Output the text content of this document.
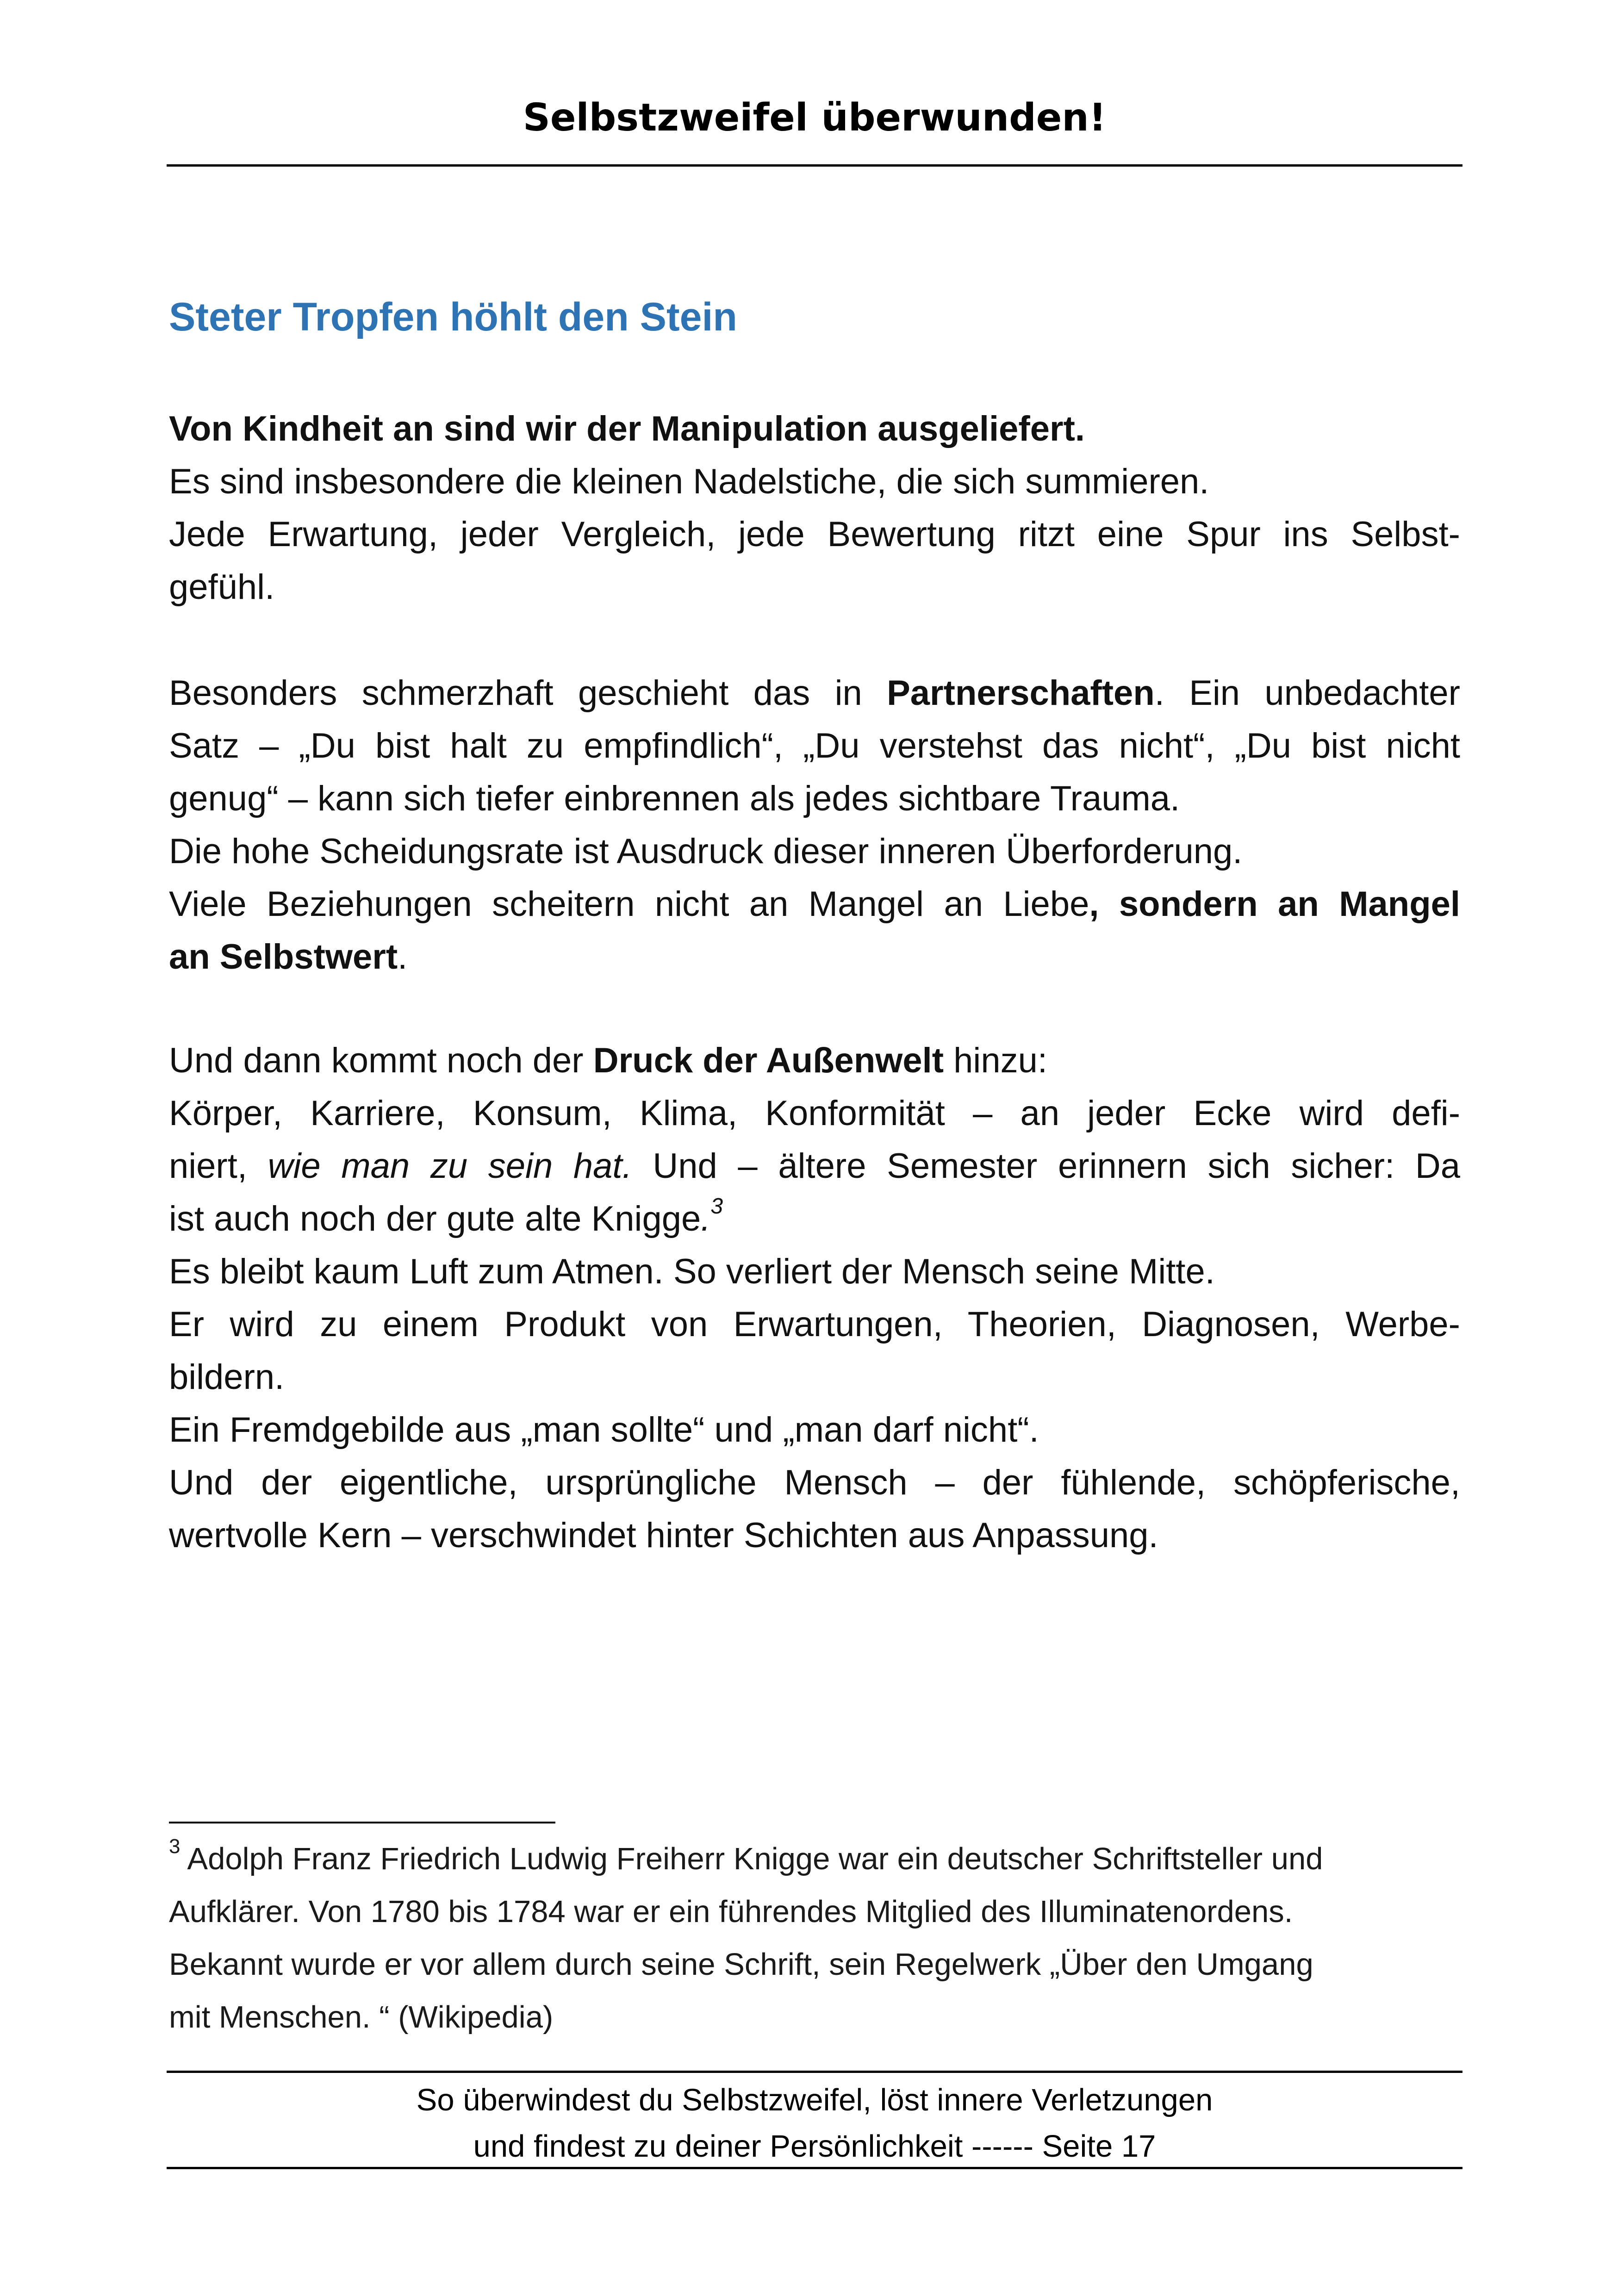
Selbstzweifel überwunden!
Steter Tropfen höhlt den Stein
Von Kindheit an sind wir der Manipulation ausgeliefert.
Es sind insbesondere die kleinen Nadelstiche, die sich summieren.
Jede Erwartung, jeder Vergleich, jede Bewertung ritzt eine Spur ins Selbst-
gefühl.
Besonders schmerzhaft geschieht das in Partnerschaften. Ein unbedachter
Satz – „Du bist halt zu empfindlich“, „Du verstehst das nicht“, „Du bist nicht
genug“ – kann sich tiefer einbrennen als jedes sichtbare Trauma.
Die hohe Scheidungsrate ist Ausdruck dieser inneren Überforderung.
Viele Beziehungen scheitern nicht an Mangel an Liebe, sondern an Mangel
an Selbstwert.
Und dann kommt noch der Druck der Außenwelt hinzu:
Körper, Karriere, Konsum, Klima, Konformität – an jeder Ecke wird defi-
niert, wie man zu sein hat. Und – ältere Semester erinnern sich sicher: Da
ist auch noch der gute alte Knigge.$^3$
Es bleibt kaum Luft zum Atmen. So verliert der Mensch seine Mitte.
Er wird zu einem Produkt von Erwartungen, Theorien, Diagnosen, Werbe-
bildern.
Ein Fremdgebilde aus „man sollte“ und „man darf nicht“.
Und der eigentliche, ursprüngliche Mensch – der fühlende, schöpferische,
wertvolle Kern – verschwindet hinter Schichten aus Anpassung.
$^3$ Adolph Franz Friedrich Ludwig Freiherr Knigge war ein deutscher Schriftsteller und
Aufklärer. Von 1780 bis 1784 war er ein führendes Mitglied des Illuminatenordens.
Bekannt wurde er vor allem durch seine Schrift, sein Regelwerk „Über den Umgang
mit Menschen. “ (Wikipedia)
So überwindest du Selbstzweifel, löst innere Verletzungen
und findest zu deiner Persönlichkeit ------ Seite 17
